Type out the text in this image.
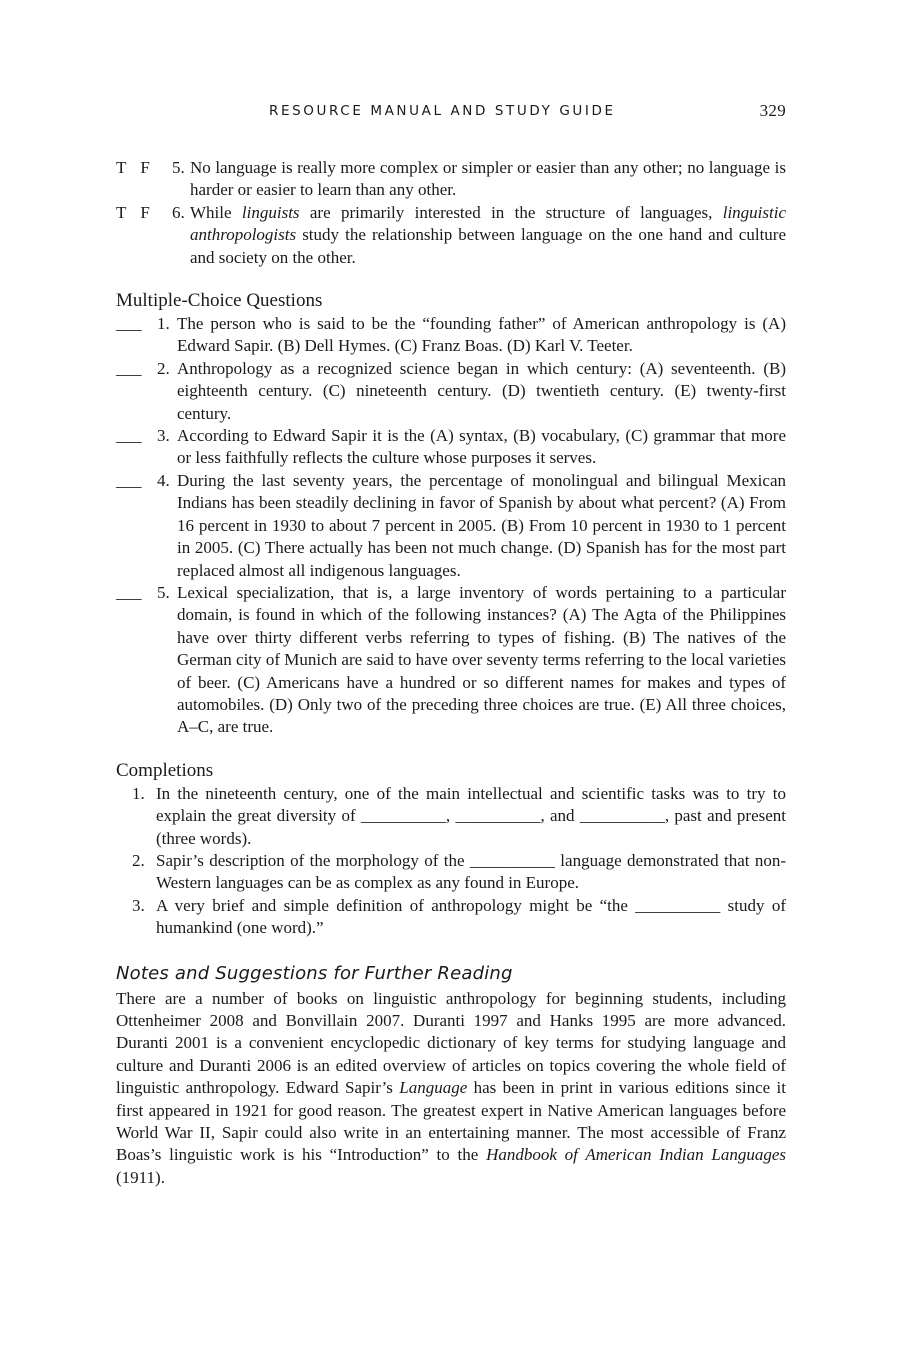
RESOURCE MANUAL AND STUDY GUIDE	329
T F	5. No language is really more complex or simpler or easier than any other; no language is harder or easier to learn than any other.
T F	6. While linguists are primarily interested in the structure of languages, linguistic anthropologists study the relationship between language on the one hand and culture and society on the other.
Multiple-Choice Questions
___ 1. The person who is said to be the “founding father” of American anthropology is (A) Edward Sapir. (B) Dell Hymes. (C) Franz Boas. (D) Karl V. Teeter.
___ 2. Anthropology as a recognized science began in which century: (A) seventeenth. (B) eighteenth century. (C) nineteenth century. (D) twentieth century. (E) twenty-first century.
___ 3. According to Edward Sapir it is the (A) syntax, (B) vocabulary, (C) grammar that more or less faithfully reflects the culture whose purposes it serves.
___ 4. During the last seventy years, the percentage of monolingual and bilingual Mexican Indians has been steadily declining in favor of Spanish by about what percent? (A) From 16 percent in 1930 to about 7 percent in 2005. (B) From 10 percent in 1930 to 1 percent in 2005. (C) There actually has been not much change. (D) Spanish has for the most part replaced almost all indigenous languages.
___ 5. Lexical specialization, that is, a large inventory of words pertaining to a particular domain, is found in which of the following instances? (A) The Agta of the Philippines have over thirty different verbs referring to types of fishing. (B) The natives of the German city of Munich are said to have over seventy terms referring to the local varieties of beer. (C) Americans have a hundred or so different names for makes and types of automobiles. (D) Only two of the preceding three choices are true. (E) All three choices, A–C, are true.
Completions
1. In the nineteenth century, one of the main intellectual and scientific tasks was to try to explain the great diversity of __________, __________, and __________, past and present (three words).
2. Sapir’s description of the morphology of the __________ language demonstrated that non-Western languages can be as complex as any found in Europe.
3. A very brief and simple definition of anthropology might be “the __________ study of humankind (one word).”
Notes and Suggestions for Further Reading
There are a number of books on linguistic anthropology for beginning students, including Ottenheimer 2008 and Bonvillain 2007. Duranti 1997 and Hanks 1995 are more advanced. Duranti 2001 is a convenient encyclopedic dictionary of key terms for studying language and culture and Duranti 2006 is an edited overview of articles on topics covering the whole field of linguistic anthropology. Edward Sapir’s Language has been in print in various editions since it first appeared in 1921 for good reason. The greatest expert in Native American languages before World War II, Sapir could also write in an entertaining manner. The most accessible of Franz Boas’s linguistic work is his “Introduction” to the Handbook of American Indian Languages (1911).
